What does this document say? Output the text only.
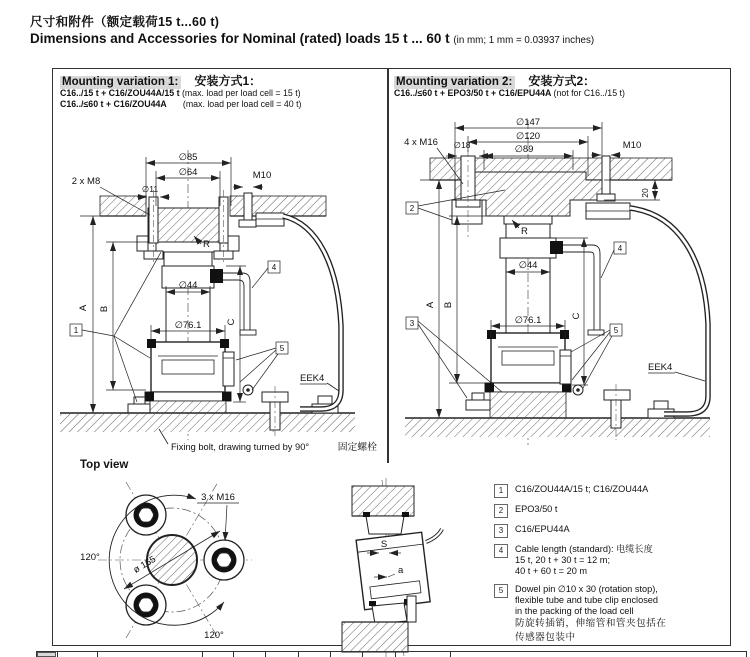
尺寸和附件（额定载荷15 t...60 t)
Dimensions and Accessories for Nominal (rated) loads 15 t ... 60 t (in mm; 1 mm = 0.03937 inches)
Mounting variation 1: 安装方式1：
C16../15 t + C16/ZOU44A/15 t (max. load per load cell = 15 t)
C16../≤60 t + C16/ZOU44A (max. load per load cell = 40 t)
Mounting variation 2: 安装方式2：
C16../≤60 t + EPO3/50 t + C16/EPU44A (not for C16../15 t)
∅85
∅64
∅11
2 x M8
M10
R
∅44
∅76.1
A B
C
EEK4
1
4
5
∅147
∅120
∅89
∅18
4 x M16	M10
20
R
∅44
∅76.1
A B
C
EEK4
2
3
4
5
3 x M16
ø 165
120°
120°
S
a
Fixing bolt, drawing turned by 90°	固定螺栓
Top view
1	C16/ZOU44A/15 t; C16/ZOU44A
2	EPO3/50 t
3	C16/EPU44A
4	Cable length (standard): 电缆长度
15 t, 20 t + 30 t = 12 m;
40 t + 60 t = 20 m
5	Dowel pin ∅10 x 30 (rotation stop),
flexible tube and tube clip enclosed
in the packing of the load cell
防旋转插销，伸缩管和管夹包括在
传感器包装中
